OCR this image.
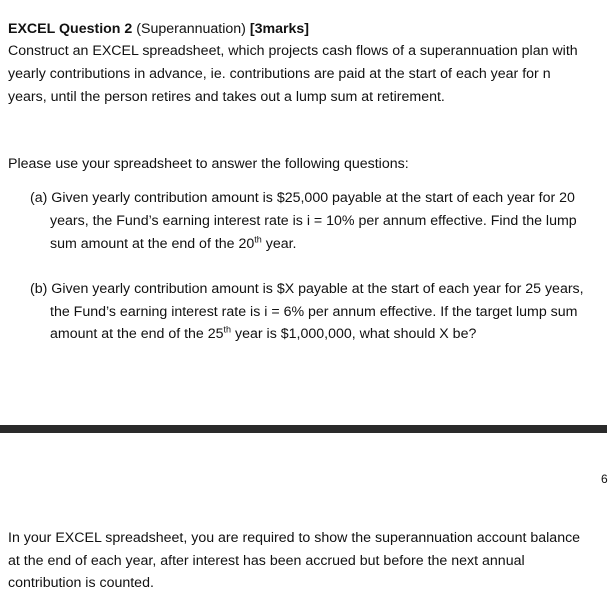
EXCEL Question 2 (Superannuation) [3marks]
Construct an EXCEL spreadsheet, which projects cash flows of a superannuation plan with
yearly contributions in advance, ie. contributions are paid at the start of each year for n
years, until the person retires and takes out a lump sum at retirement.
Please use your spreadsheet to answer the following questions:
(a) Given yearly contribution amount is $25,000 payable at the start of each year for 20
years, the Fund’s earning interest rate is i = 10% per annum effective. Find the lump
sum amount at the end of the 20th year.
(b) Given yearly contribution amount is $X payable at the start of each year for 25 years,
the Fund’s earning interest rate is i = 6% per annum effective. If the target lump sum
amount at the end of the 25th year is $1,000,000, what should X be?
6
In your EXCEL spreadsheet, you are required to show the superannuation account balance
at the end of each year, after interest has been accrued but before the next annual
contribution is counted.
